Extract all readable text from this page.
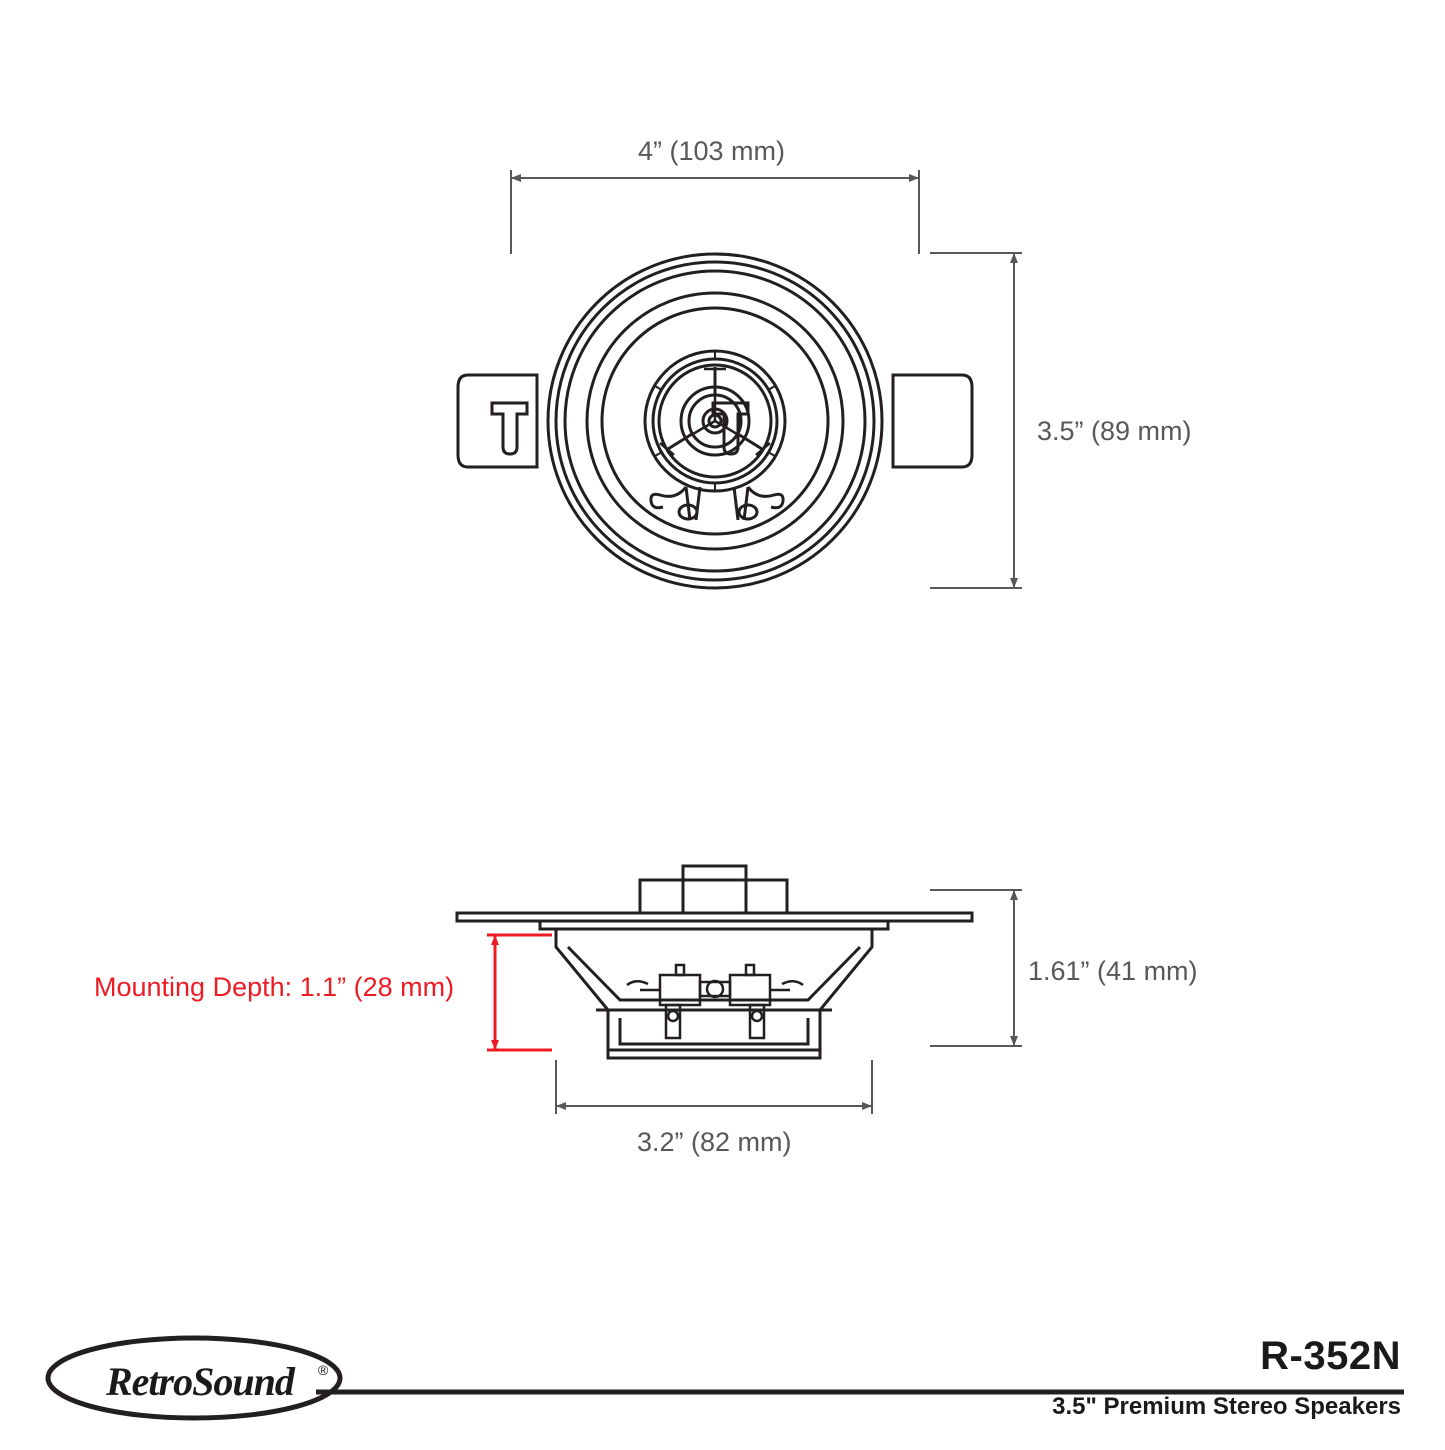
4” (103 mm)
3.5” (89 mm)
1.61” (41 mm)
3.2” (82 mm)
Mounting Depth: 1.1” (28 mm)
RetroSound ®	R-352N
3.5" Premium Stereo Speakers
